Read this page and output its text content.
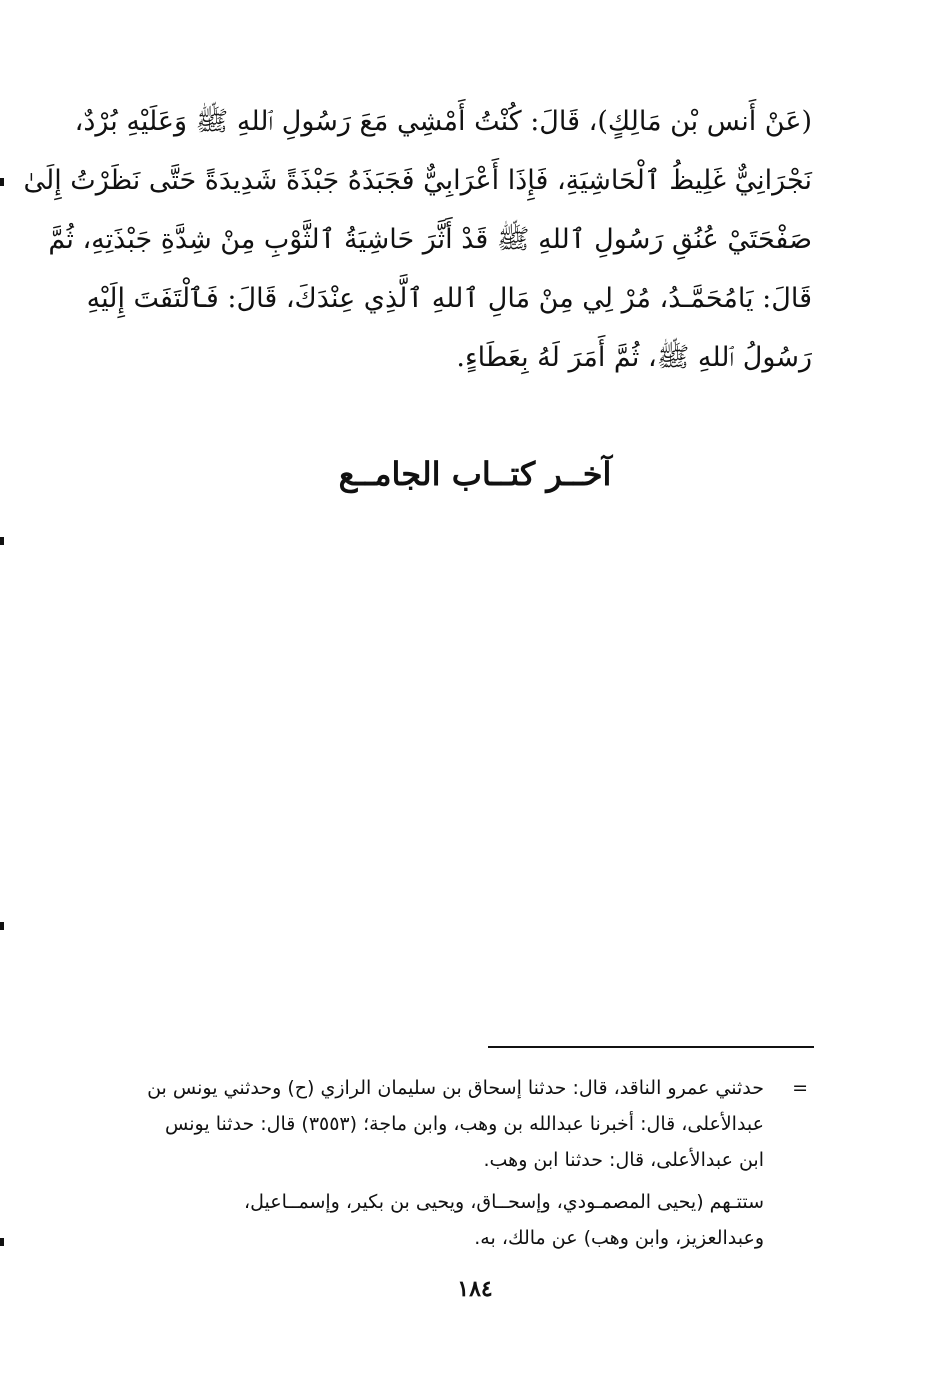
(عَنْ أَنس بْن مَالِكٍ)، قَالَ: كُنْتُ أَمْشِي مَعَ رَسُولِ ٱللهِ ﷺ وَعَلَيْهِ بُرْدٌ،
نَجْرَانِيٌّ غَلِيظُ ٱلْحَاشِيَةِ، فَإِذَا أَعْرَابِيٌّ فَجَبَذَهُ جَبْذَةً شَدِيدَةً حَتَّى نَظَرْتُ إِلَىٰ
صَفْحَتَيْ عُنُقِ رَسُولِ ٱللهِ ﷺ قَدْ أَثَّرَ حَاشِيَةُ ٱلثَّوْبِ مِنْ شِدَّةِ جَبْذَتِهِ، ثُمَّ
قَالَ: يَامُحَمَّـدُ، مُرْ لِي مِنْ مَالِ ٱللهِ ٱلَّذِي عِنْدَكَ، قَالَ: فَٱلْتَفَتَ إِلَيْهِ
رَسُولُ ٱللهِ ﷺ، ثُمَّ أَمَرَ لَهُ بِعَطَاءٍ.
آخــر كتــاب الجامــع
=
حدثني عمرو الناقد، قال: حدثنا إسحاق بن سليمان الرازي (ح) وحدثني يونس بن
عبدالأعلى، قال: أخبرنا عبدالله بن وهب، وابن ماجة؛ (٣٥٥٣) قال: حدثنا يونس
ابن عبدالأعلى، قال: حدثنا ابن وهب.
ستتـهم (يحيى المصمـودي، وإسحــاق، ويحيى بن بكير، وإسمــاعيل،
وعبدالعزيز، وابن وهب) عن مالك، به.
١٨٤
